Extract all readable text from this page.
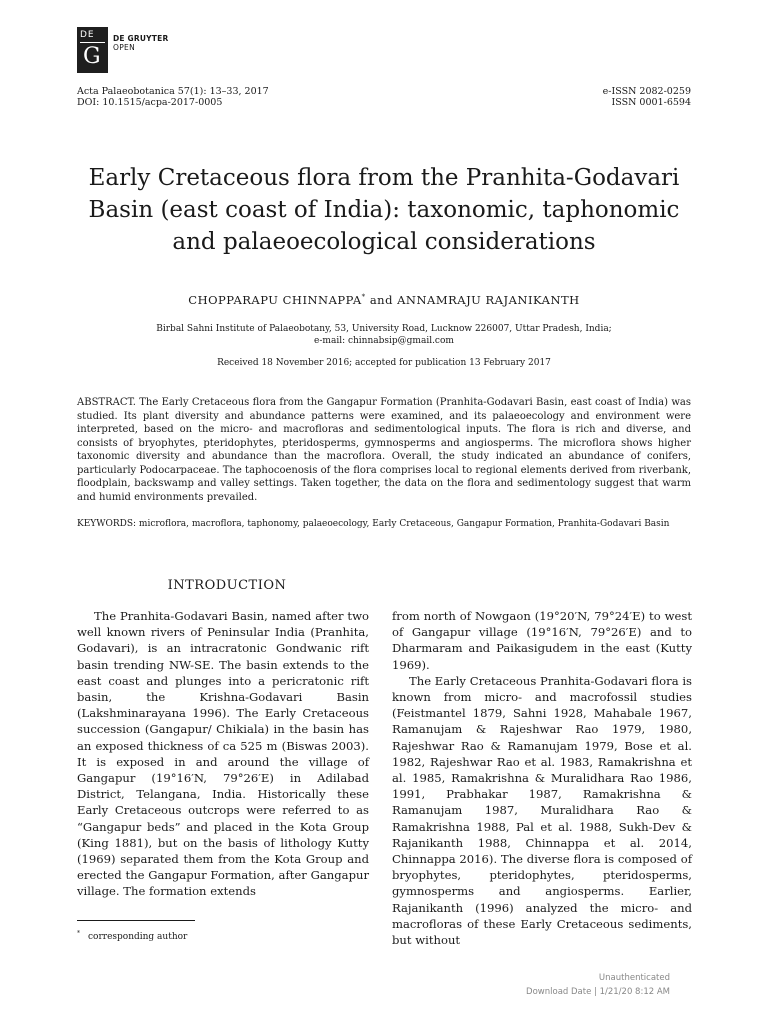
DE
G
DE GRUYTER
OPEN
Acta Palaeobotanica 57(1): 13–33, 2017
DOI: 10.1515/acpa-2017-0005
e-ISSN 2082-0259
ISSN 0001-6594
Early Cretaceous flora from the Pranhita-Godavari Basin (east coast of India): taxonomic, taphonomic and palaeoecological considerations
CHOPPARAPU CHINNAPPA* and ANNAMRAJU RAJANIKANTH
Birbal Sahni Institute of Palaeobotany, 53, University Road, Lucknow 226007, Uttar Pradesh, India;
e-mail: chinnabsip@gmail.com
Received 18 November 2016; accepted for publication 13 February 2017
ABSTRACT. The Early Cretaceous flora from the Gangapur Formation (Pranhita-Godavari Basin, east coast of India) was studied. Its plant diversity and abundance patterns were examined, and its palaeoecology and environment were interpreted, based on the micro- and macrofloras and sedimentological inputs. The flora is rich and diverse, and consists of bryophytes, pteridophytes, pteridosperms, gymnosperms and angiosperms. The microflora shows higher taxonomic diversity and abundance than the macroflora. Overall, the study indicated an abundance of conifers, particularly Podocarpaceae. The taphocoenosis of the flora comprises local to regional elements derived from riverbank, floodplain, backswamp and valley settings. Taken together, the data on the flora and sedimentology suggest that warm and humid environments prevailed.
KEYWORDS: microflora, macroflora, taphonomy, palaeoecology, Early Cretaceous, Gangapur Formation, Pranhita-Godavari Basin
INTRODUCTION
The Pranhita-Godavari Basin, named after two well known rivers of Peninsular India (Pranhita, Godavari), is an intracratonic Gondwanic rift basin trending NW-SE. The basin extends to the east coast and plunges into a pericratonic rift basin, the Krishna-Godavari Basin (Lakshminarayana 1996). The Early Cretaceous succession (Gangapur/ Chikiala) in the basin has an exposed thickness of ca 525 m (Biswas 2003). It is exposed in and around the village of Gangapur (19°16′N, 79°26′E) in Adilabad District, Telangana, India. Historically these Early Cretaceous outcrops were referred to as “Gangapur beds” and placed in the Kota Group (King 1881), but on the basis of lithology Kutty (1969) separated them from the Kota Group and erected the Gangapur Formation, after Gangapur village. The formation extends

from north of Nowgaon (19°20′N, 79°24′E) to west of Gangapur village (19°16′N, 79°26′E) and to Dharmaram and Paikasigudem in the east (Kutty 1969).

The Early Cretaceous Pranhita-Godavari flora is known from micro- and macrofossil studies (Feistmantel 1879, Sahni 1928, Mahabale 1967, Ramanujam & Rajeshwar Rao 1979, 1980, Rajeshwar Rao & Ramanujam 1979, Bose et al. 1982, Rajeshwar Rao et al. 1983, Ramakrishna et al. 1985, Ramakrishna & Muralidhara Rao 1986, 1991, Prabhakar 1987, Ramakrishna & Ramanujam 1987, Muralidhara Rao & Ramakrishna 1988, Pal et al. 1988, Sukh-Dev & Rajanikanth 1988, Chinnappa et al. 2014, Chinnappa 2016). The diverse flora is composed of bryophytes, pteridophytes, pteridosperms, gymnosperms and angiosperms. Earlier, Rajanikanth (1996) analyzed the micro- and macrofloras of these Early Cretaceous sediments, but without

* corresponding author
Unauthenticated
Download Date | 1/21/20 8:12 AM
